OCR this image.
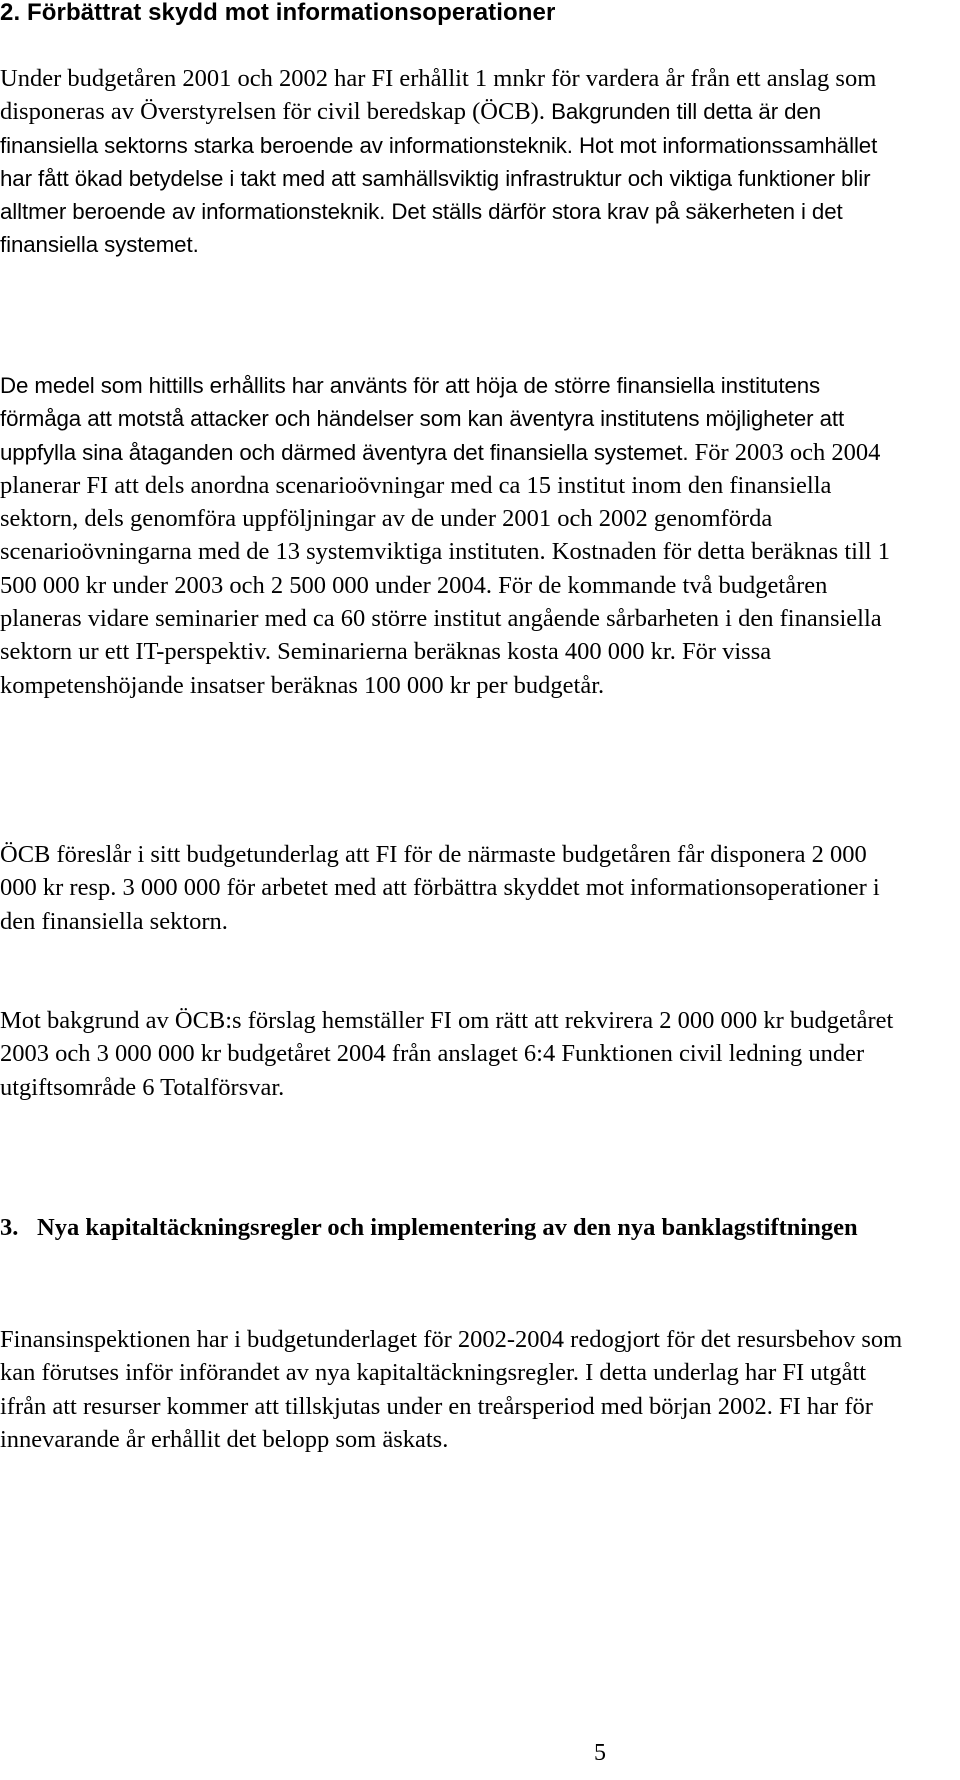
2. Förbättrat skydd mot informationsoperationer

Under budgetåren 2001 och 2002 har FI erhållit 1 mnkr för vardera år från ett anslag som disponeras av Överstyrelsen för civil beredskap (ÖCB). Bakgrunden till detta är den finansiella sektorns starka beroende av informationsteknik. Hot mot informationssamhället har fått ökad betydelse i takt med att samhällsviktig infrastruktur och viktiga funktioner blir alltmer beroende av informationsteknik. Det ställs därför stora krav på säkerheten i det finansiella systemet.

De medel som hittills erhållits har använts för att höja de större finansiella institutens förmåga att motstå attacker och händelser som kan äventyra institutens möjligheter att uppfylla sina åtaganden och därmed äventyra det finansiella systemet. För 2003 och 2004 planerar FI att dels anordna scenarioövningar med ca 15 institut inom den finansiella sektorn, dels genomföra uppföljningar av de under 2001 och 2002 genomförda scenarioövningarna med de 13 systemviktiga instituten. Kostnaden för detta beräknas till 1 500 000 kr under 2003 och 2 500 000 under 2004. För de kommande två budgetåren planeras vidare seminarier med ca 60 större institut angående sårbarheten i den finansiella sektorn ur ett IT-perspektiv. Seminarierna beräknas kosta 400 000 kr. För vissa kompetenshöjande insatser beräknas 100 000 kr per budgetår.

ÖCB föreslår i sitt budgetunderlag att FI för de närmaste budgetåren får disponera 2 000 000 kr resp. 3 000 000 för arbetet med att förbättra skyddet mot informationsoperationer i den finansiella sektorn.

Mot bakgrund av ÖCB:s förslag hemställer FI om rätt att rekvirera 2 000 000 kr budgetåret 2003 och 3 000 000 kr budgetåret 2004 från anslaget 6:4 Funktionen civil ledning under utgiftsområde 6 Totalförsvar.

3. Nya kapitaltäckningsregler och implementering av den nya banklagstiftningen

Finansinspektionen har i budgetunderlaget för 2002-2004 redogjort för det resursbehov som kan förutses inför införandet av nya kapitaltäckningsregler. I detta underlag har FI utgått ifrån att resurser kommer att tillskjutas under en treårsperiod med början 2002. FI har för innevarande år erhållit det belopp som äskats.

5
